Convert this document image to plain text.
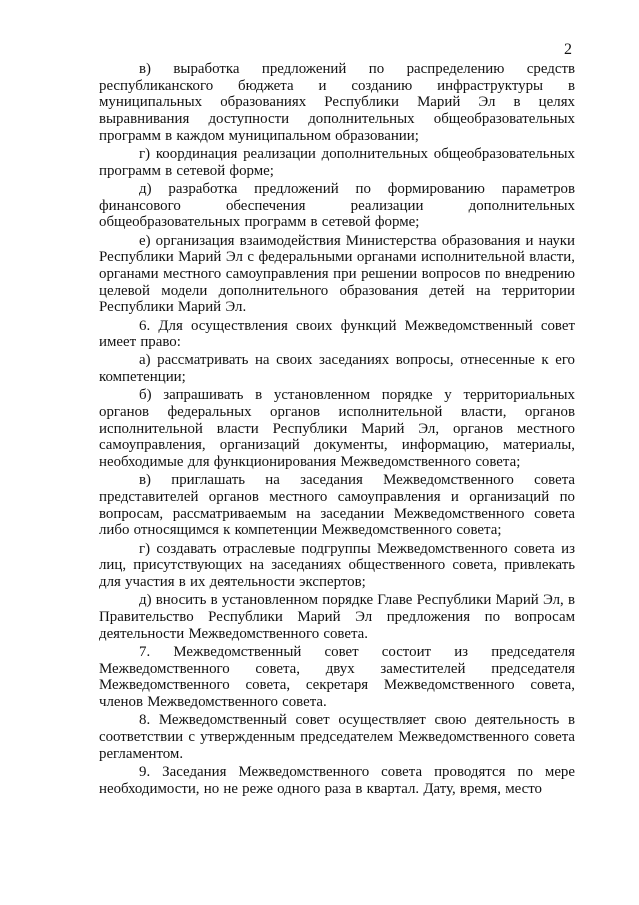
2

в) выработка предложений по распределению средств республиканского бюджета и созданию инфраструктуры в муниципальных образованиях Республики Марий Эл в целях выравнивания доступности дополнительных общеобразовательных программ в каждом муниципальном образовании;

г) координация реализации дополнительных общеобразовательных программ в сетевой форме;

д) разработка предложений по формированию параметров финансового обеспечения реализации дополнительных общеобразовательных программ в сетевой форме;

е) организация взаимодействия Министерства образования и науки Республики Марий Эл с федеральными органами исполнительной власти, органами местного самоуправления при решении вопросов по внедрению целевой модели дополнительного образования детей на территории Республики Марий Эл.

6. Для осуществления своих функций Межведомственный совет имеет право:

а) рассматривать на своих заседаниях вопросы, отнесенные к его компетенции;

б) запрашивать в установленном порядке у территориальных органов федеральных органов исполнительной власти, органов исполнительной власти Республики Марий Эл, органов местного самоуправления, организаций документы, информацию, материалы, необходимые для функционирования Межведомственного совета;

в) приглашать на заседания Межведомственного совета представителей органов местного самоуправления и организаций по вопросам, рассматриваемым на заседании Межведомственного совета либо относящимся к компетенции Межведомственного совета;

г) создавать отраслевые подгруппы Межведомственного совета из лиц, присутствующих на заседаниях общественного совета, привлекать для участия в их деятельности экспертов;

д) вносить в установленном порядке Главе Республики Марий Эл, в Правительство Республики Марий Эл предложения по вопросам деятельности Межведомственного совета.

7. Межведомственный совет состоит из председателя Межведомственного совета, двух заместителей председателя Межведомственного совета, секретаря Межведомственного совета, членов Межведомственного совета.

8. Межведомственный совет осуществляет свою деятельность в соответствии с утвержденным председателем Межведомственного совета регламентом.

9. Заседания Межведомственного совета проводятся по мере необходимости, но не реже одного раза в квартал. Дату, время, место
